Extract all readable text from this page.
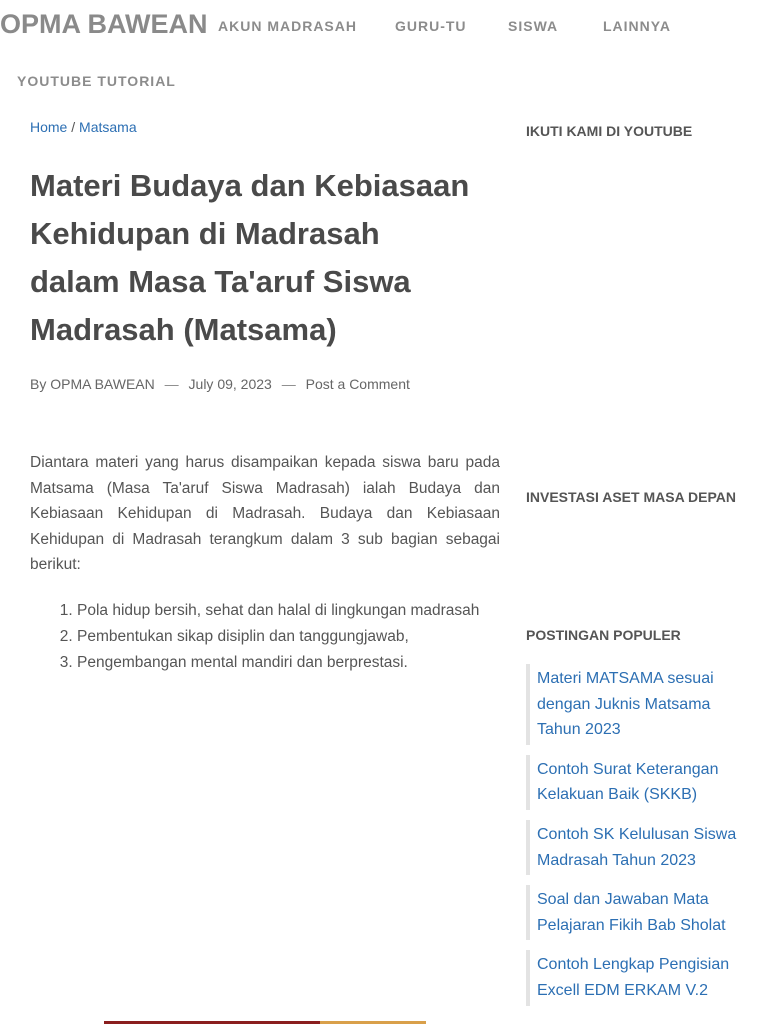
OPMA BAWEAN AKUN MADRASAH	GURU-TU	SISWA	LAINNYA
YOUTUBE TUTORIAL
Home / Matsama
Materi Budaya dan Kebiasaan Kehidupan di Madrasah dalam Masa Ta'aruf Siswa Madrasah (Matsama)
By OPMA BAWEAN — July 09, 2023 — Post a Comment

Diantara materi yang harus disampaikan kepada siswa baru pada Matsama (Masa Ta'aruf Siswa Madrasah) ialah Budaya dan Kebiasaan Kehidupan di Madrasah. Budaya dan Kebiasaan Kehidupan di Madrasah terangkum dalam 3 sub bagian sebagai berikut:

1. Pola hidup bersih, sehat dan halal di lingkungan madrasah
2. Pembentukan sikap disiplin dan tanggungjawab,
3. Pengembangan mental mandiri dan berprestasi.
IKUTI KAMI DI YOUTUBE
INVESTASI ASET MASA DEPAN
POSTINGAN POPULER
Materi MATSAMA sesuai dengan Juknis Matsama Tahun 2023
Contoh Surat Keterangan Kelakuan Baik (SKKB)
Contoh SK Kelulusan Siswa Madrasah Tahun 2023
Soal dan Jawaban Mata Pelajaran Fikih Bab Sholat
Contoh Lengkap Pengisian Excell EDM ERKAM V.2
